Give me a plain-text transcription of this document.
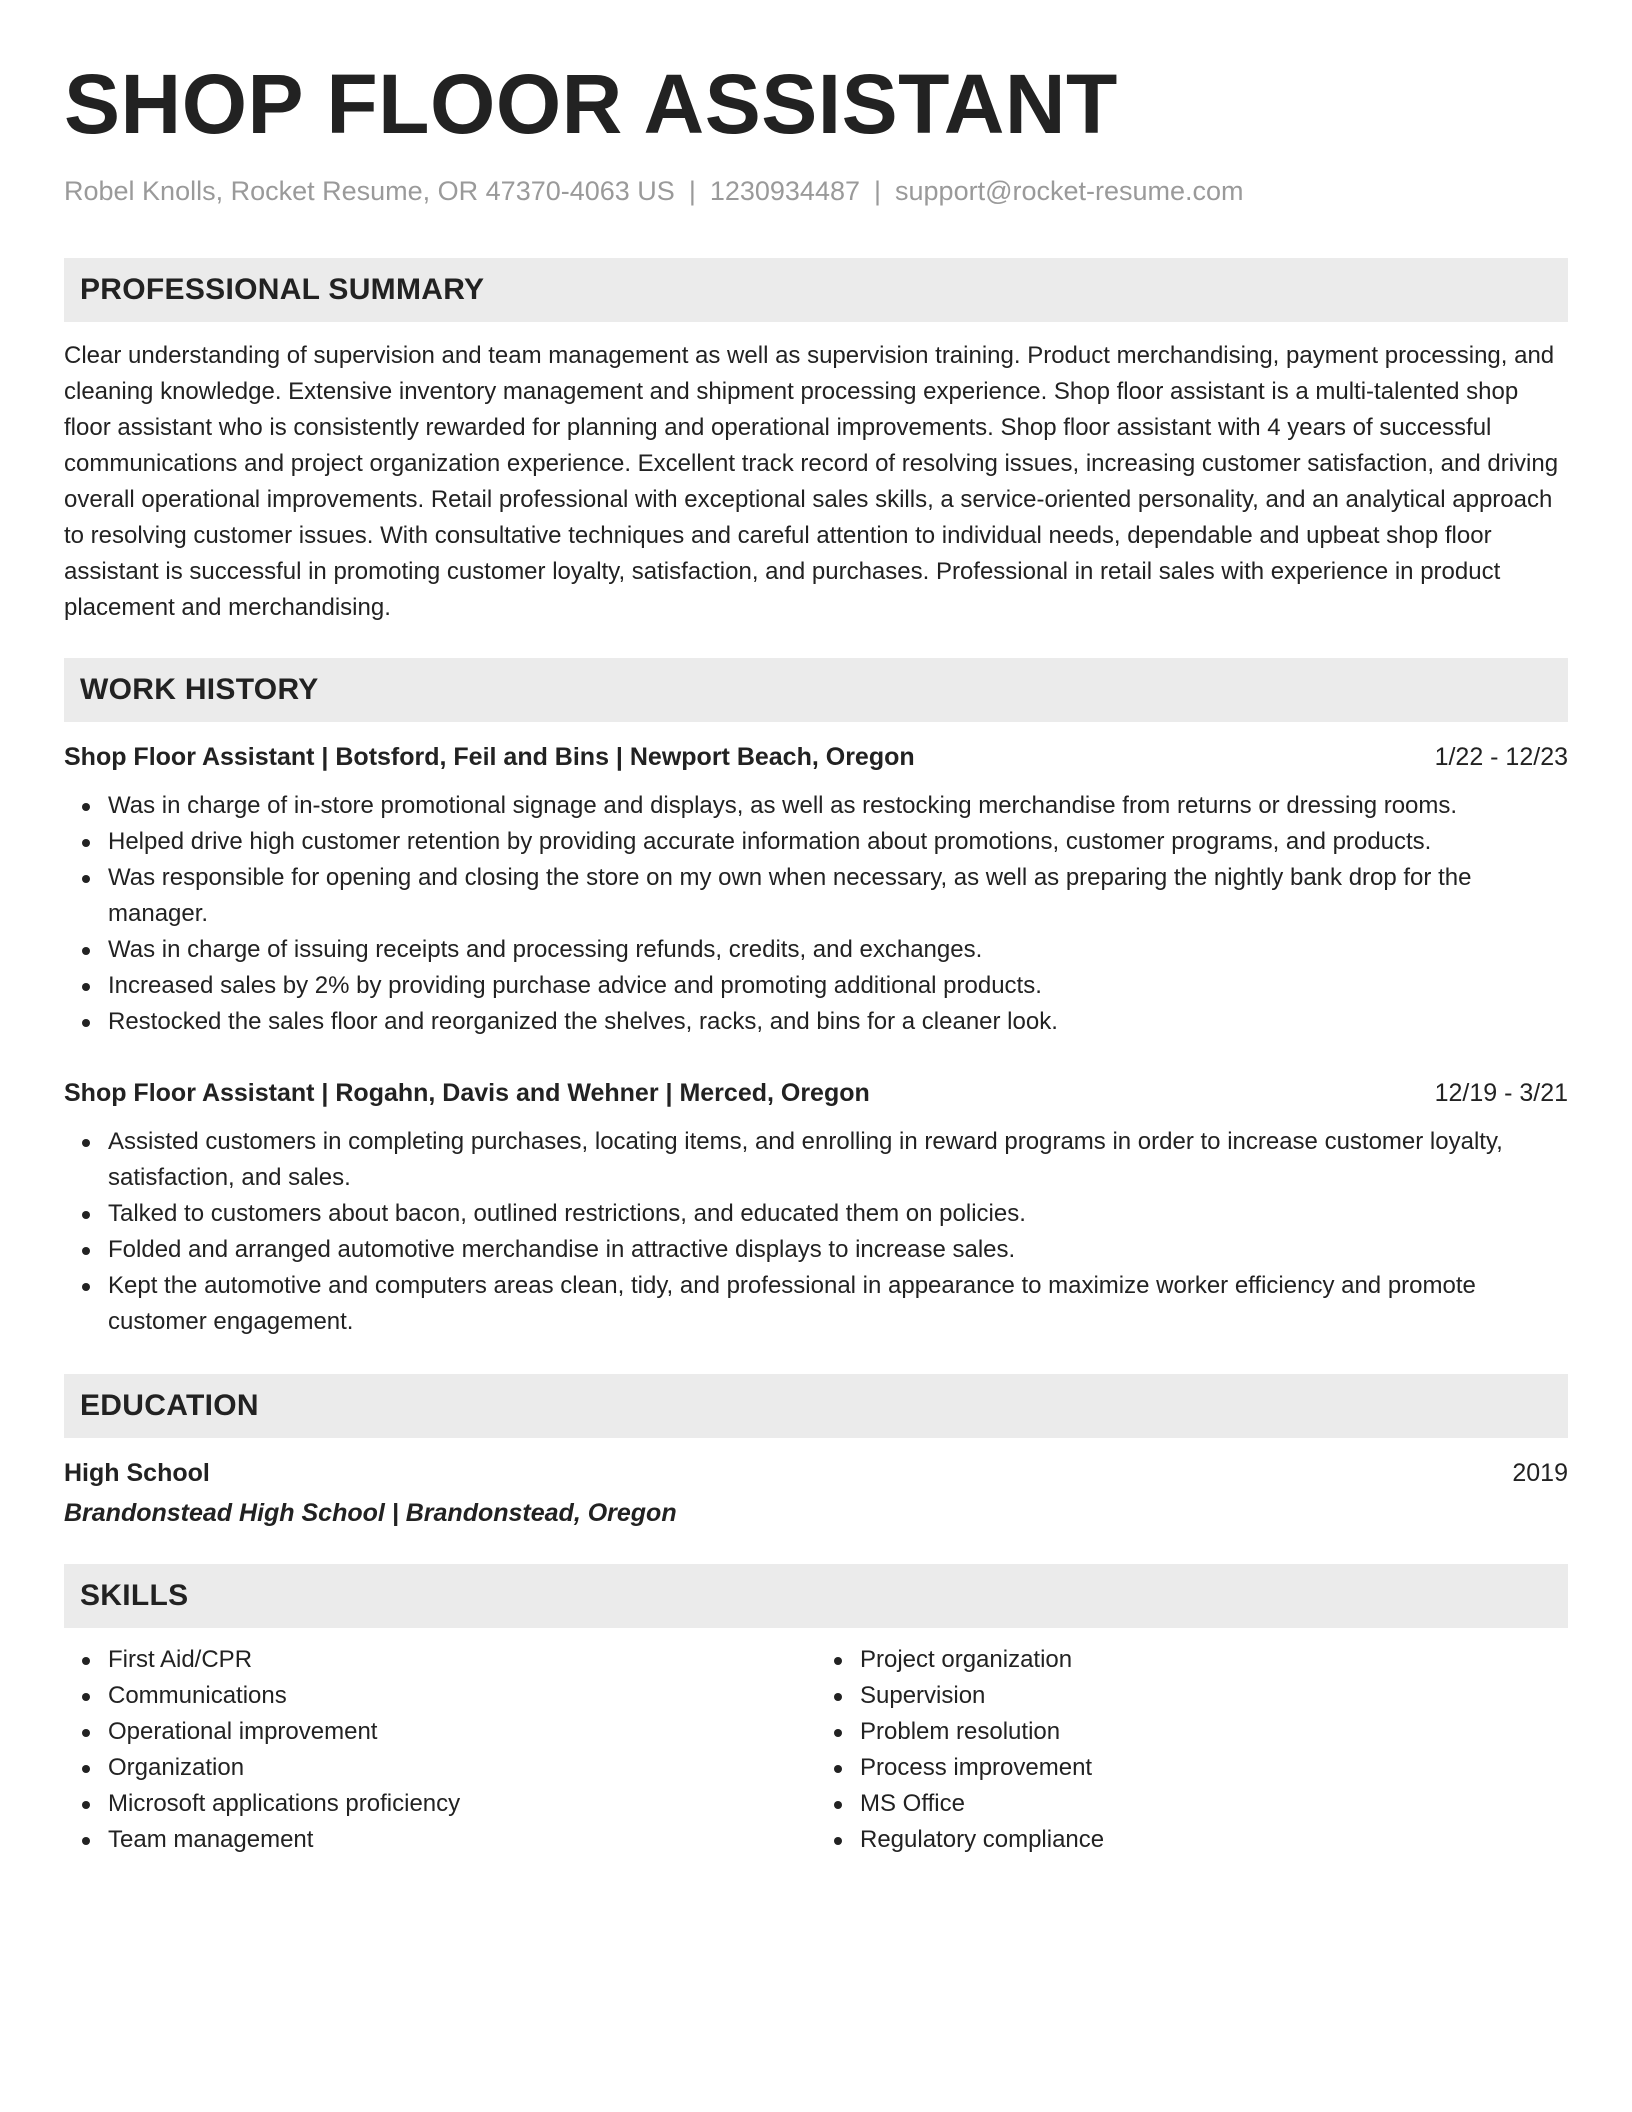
SHOP FLOOR ASSISTANT
Robel Knolls, Rocket Resume, OR 47370-4063 US | 1230934487 | support@rocket-resume.com
PROFESSIONAL SUMMARY

Clear understanding of supervision and team management as well as supervision training. Product merchandising, payment processing, and cleaning knowledge. Extensive inventory management and shipment processing experience. Shop floor assistant is a multi-talented shop floor assistant who is consistently rewarded for planning and operational improvements. Shop floor assistant with 4 years of successful communications and project organization experience. Excellent track record of resolving issues, increasing customer satisfaction, and driving overall operational improvements. Retail professional with exceptional sales skills, a service-oriented personality, and an analytical approach to resolving customer issues. With consultative techniques and careful attention to individual needs, dependable and upbeat shop floor assistant is successful in promoting customer loyalty, satisfaction, and purchases. Professional in retail sales with experience in product placement and merchandising.

WORK HISTORY
Shop Floor Assistant | Botsford, Feil and Bins | Newport Beach, Oregon	1/22 - 12/23
Was in charge of in-store promotional signage and displays, as well as restocking merchandise from returns or dressing rooms.
Helped drive high customer retention by providing accurate information about promotions, customer programs, and products.
Was responsible for opening and closing the store on my own when necessary, as well as preparing the nightly bank drop for the manager.
Was in charge of issuing receipts and processing refunds, credits, and exchanges.
Increased sales by 2% by providing purchase advice and promoting additional products.
Restocked the sales floor and reorganized the shelves, racks, and bins for a cleaner look.
Shop Floor Assistant | Rogahn, Davis and Wehner | Merced, Oregon	12/19 - 3/21
Assisted customers in completing purchases, locating items, and enrolling in reward programs in order to increase customer loyalty, satisfaction, and sales.
Talked to customers about bacon, outlined restrictions, and educated them on policies.
Folded and arranged automotive merchandise in attractive displays to increase sales.
Kept the automotive and computers areas clean, tidy, and professional in appearance to maximize worker efficiency and promote customer engagement.
EDUCATION
High School	2019
Brandonstead High School | Brandonstead, Oregon
SKILLS
First Aid/CPR
Communications
Operational improvement
Organization
Microsoft applications proficiency
Team management
Project organization
Supervision
Problem resolution
Process improvement
MS Office
Regulatory compliance
